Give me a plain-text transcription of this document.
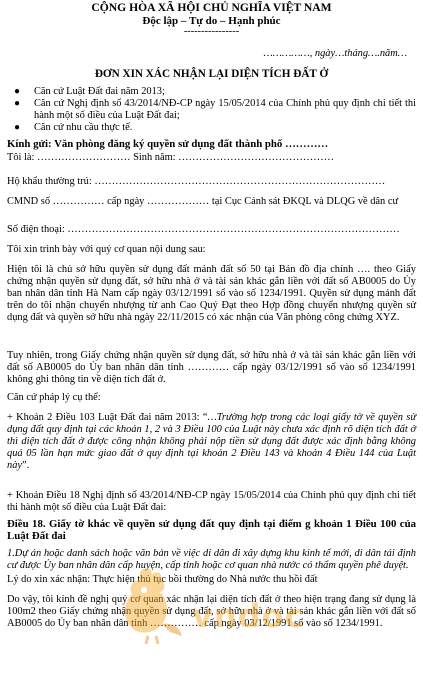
CỘNG HÒA XÃ HỘI CHỦ NGHĨA VIỆT NAM
Độc lập – Tự do – Hạnh phúc
----------------
……………, ngày…tháng….năm…
ĐƠN XIN XÁC NHẬN LẠI DIỆN TÍCH ĐẤT Ở
●	Căn cứ Luật Đất đai năm 2013;
●	Căn cứ Nghị định số 43/2014/NĐ-CP ngày 15/05/2014 của Chính phủ quy định chi tiết thi hành một số điều của Luật Đất đai;
●	Căn cứ nhu cầu thực tế.
Kính gửi: Văn phòng đăng ký quyền sử dụng đất thành phố …………
Tôi là: ……………………… Sinh năm: ………………………………………
Hộ khẩu thường trú: …………………………………………………………………………
CMND số …………… cấp ngày ……………… tại Cục Cảnh sát ĐKQL và DLQG về dân cư
Số điện thoại: ……………………………………………………………………………………
Tôi xin trình bày với quý cơ quan nội dung sau:
Hiện tôi là chủ sở hữu quyền sử dụng đất mảnh đất số 50 tại Bản đồ địa chính …. theo Giấy chứng nhận quyền sử dụng đất, sở hữu nhà ở và tài sản khác gắn liền với đất số AB0005 do Ủy ban nhân dân tỉnh Hà Nam cấp ngày 03/12/1991 sổ vào số 1234/1991. Quyền sử dụng mảnh đất trên do tôi nhận chuyển nhượng từ anh Cao Quý Đạt theo Hợp đồng chuyển nhượng quyền sử dụng đất và quyền sở hữu nhà ngày 22/11/2015 có xác nhận của Văn phòng công chứng XYZ.
Tuy nhiên, trong Giấy chứng nhận quyền sử dụng đất, sở hữu nhà ở và tài sản khác gắn liền với đất số AB0005 do Ủy ban nhân dân tỉnh ………… cấp ngày 03/12/1991 sổ vào số 1234/1991 không ghi thông tin về diện tích đất ở.
Căn cứ pháp lý cụ thể:
+ Khoản 2 Điều 103 Luật Đất đai năm 2013: “…Trường hợp trong các loại giấy tờ về quyền sử dụng đất quy định tại các khoản 1, 2 và 3 Điều 100 của Luật này chưa xác định rõ diện tích đất ở thì diện tích đất ở được công nhận không phải nộp tiền sử dụng đất được xác định bằng không quá 05 lần hạn mức giao đất ở quy định tại khoản 2 Điều 143 và khoản 4 Điều 144 của Luật này”.
+ Khoản Điều 18 Nghị định số 43/2014/NĐ-CP ngày 15/05/2014 của Chính phủ quy định chi tiết thi hành một số điều của Luật Đất đai:
Điều 18. Giấy tờ khác về quyền sử dụng đất quy định tại điểm g khoản 1 Điều 100 của Luật Đất đai
1.Dự án hoặc danh sách hoặc văn bản về việc di dân đi xây dựng khu kinh tế mới, di dân tái định cư được Ủy ban nhân dân cấp huyện, cấp tỉnh hoặc cơ quan nhà nước có thẩm quyền phê duyệt.
Lý do xin xác nhận: Thực hiện thủ tục bồi thường do Nhà nước thu hồi đất
Do vậy, tôi kính đề nghị quý cơ quan xác nhận lại diện tích đất ở theo hiện trạng đang sử dụng là 100m2 theo Giấy chứng nhận quyền sử dụng đất, sở hữu nhà ở và tài sản khác gắn liền với đất số AB0005 do Ủy ban nhân dân tỉnh …………… cấp ngày 03/12/1991 sổ vào số 1234/1991.
vndoc
